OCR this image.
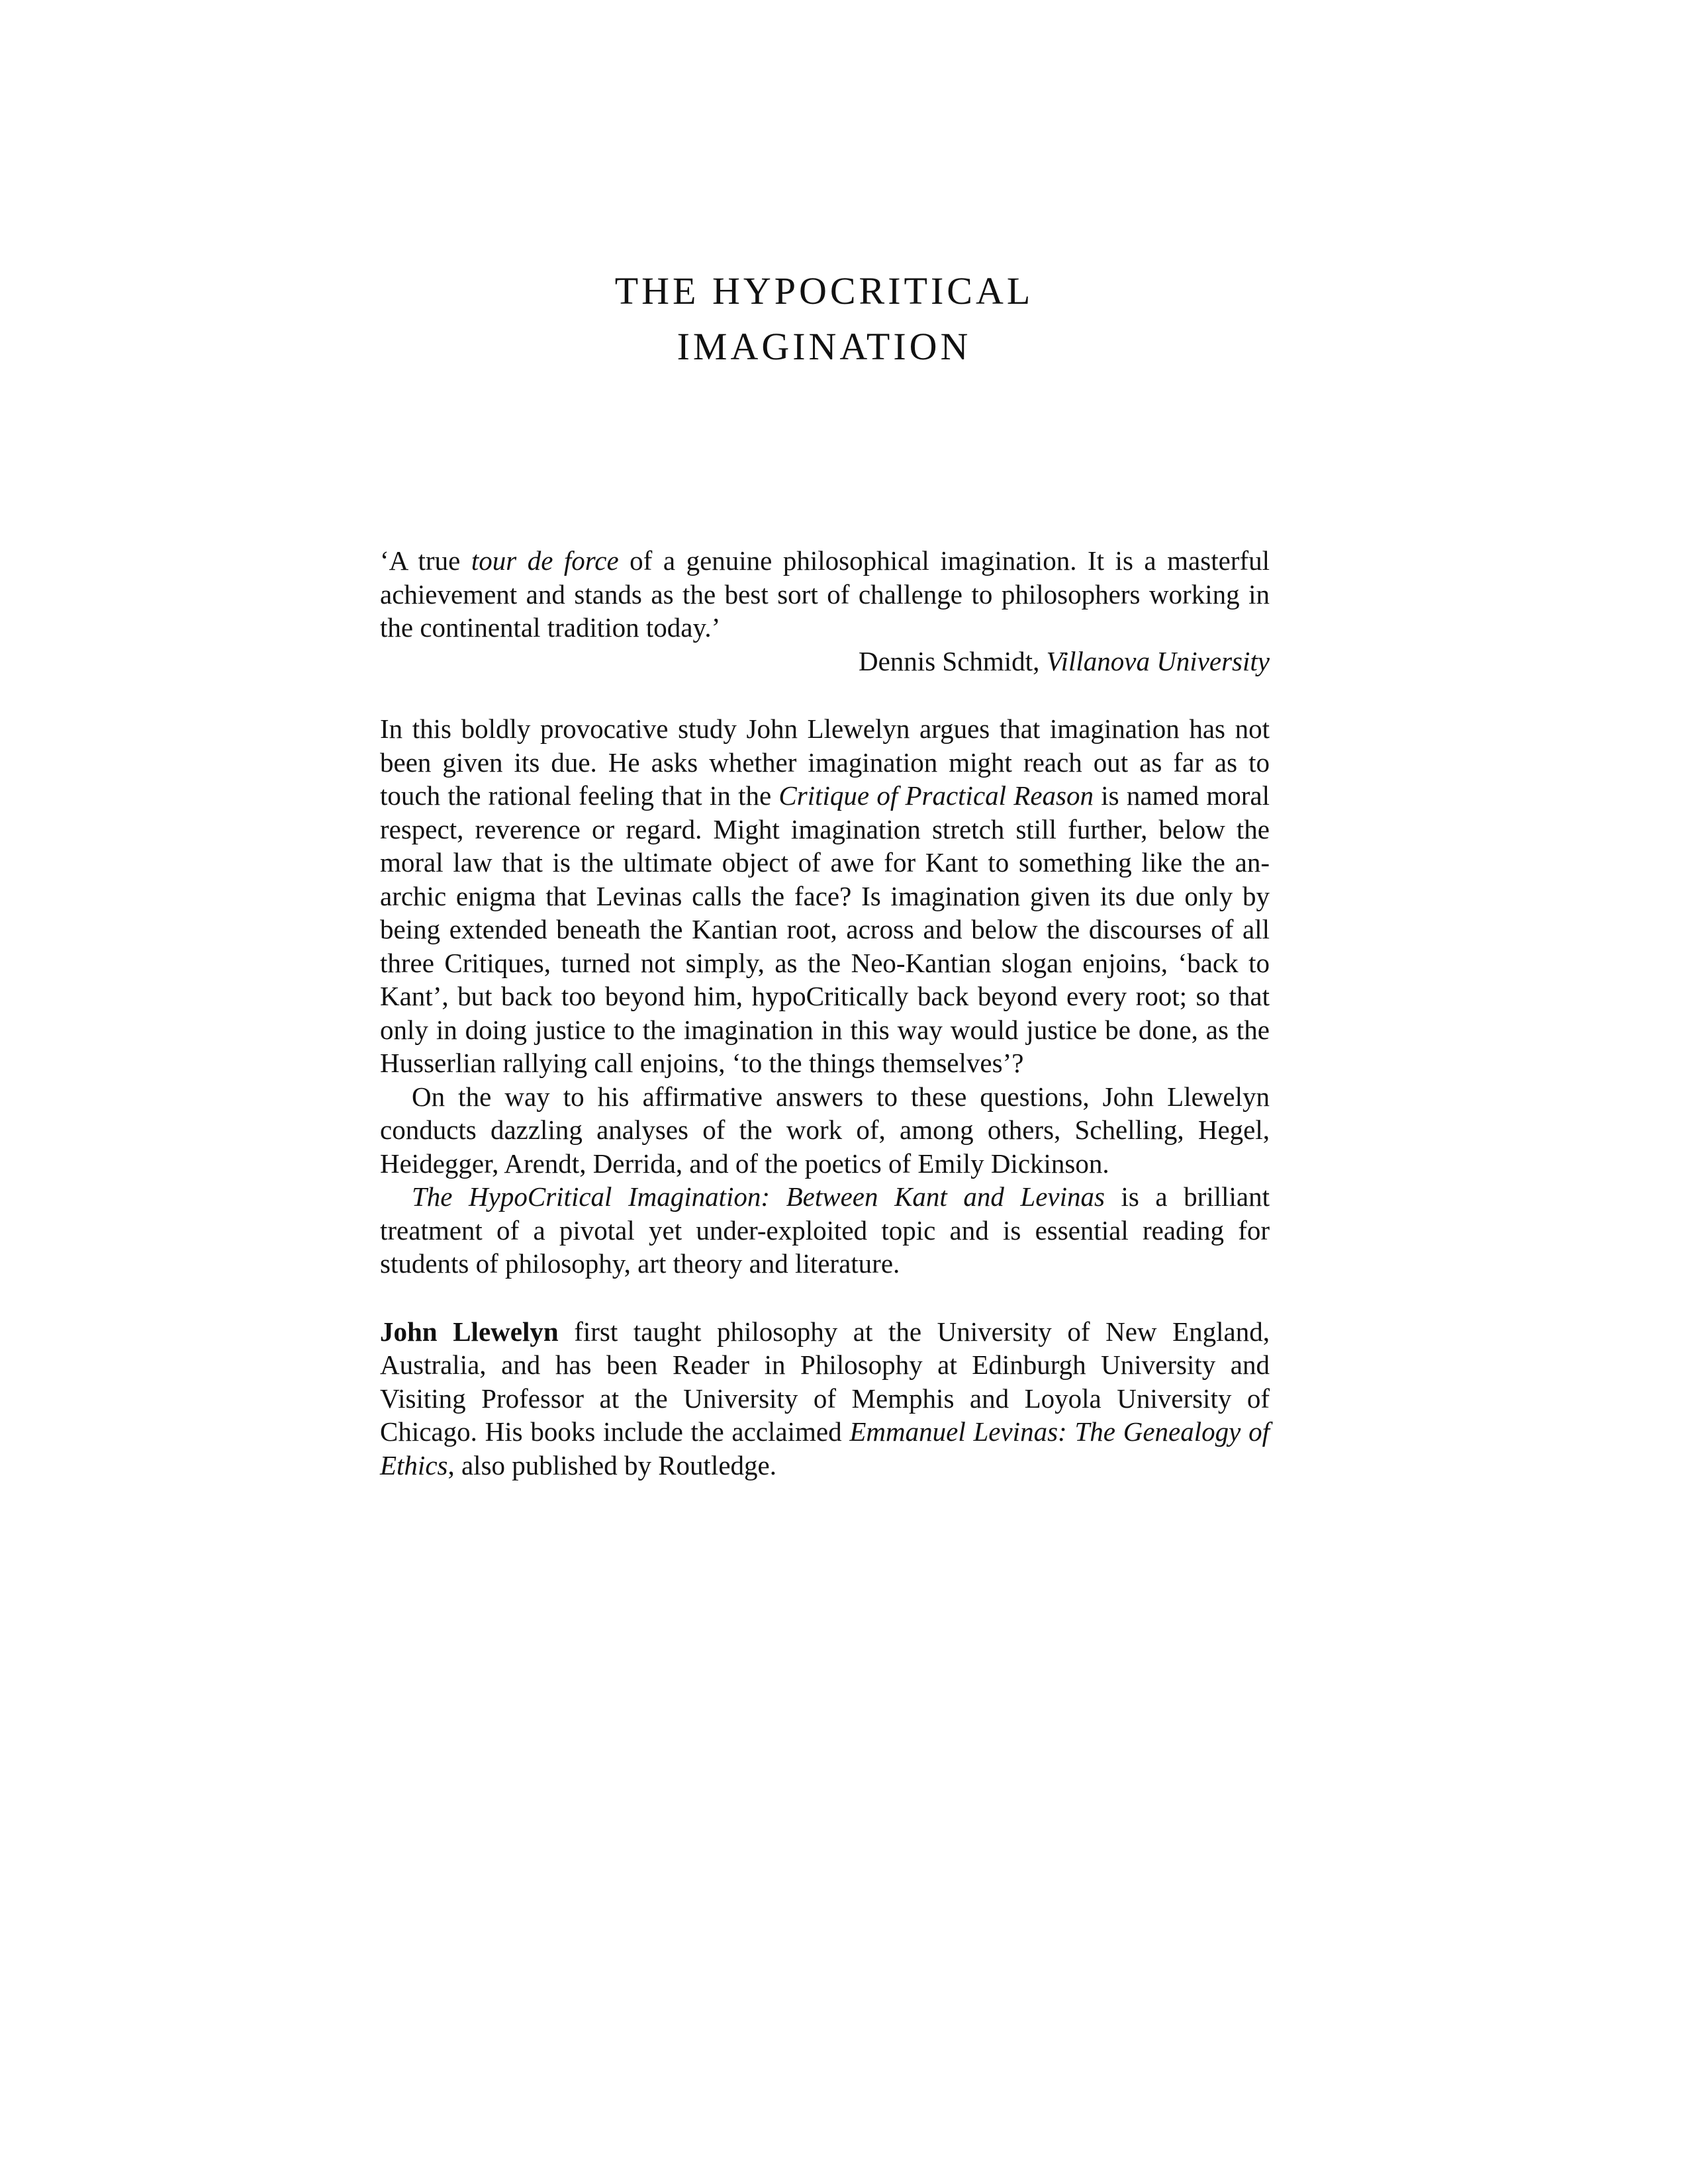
THE HYPOCRITICAL
IMAGINATION

‘A true tour de force of a genuine philosophical imagination. It is a masterful achievement and stands as the best sort of challenge to philosophers working in the continental tradition today.’

Dennis Schmidt, Villanova University

In this boldly provocative study John Llewelyn argues that imagination has not been given its due. He asks whether imagination might reach out as far as to touch the rational feeling that in the Critique of Practical Reason is named moral respect, reverence or regard. Might imagination stretch still further, below the moral law that is the ultimate object of awe for Kant to something like the an-archic enigma that Levinas calls the face? Is imagination given its due only by being extended beneath the Kantian root, across and below the discourses of all three Critiques, turned not simply, as the Neo-Kantian slogan enjoins, ‘back to Kant’, but back too beyond him, hypoCritically back beyond every root; so that only in doing justice to the imagination in this way would justice be done, as the Husserlian rallying call enjoins, ‘to the things themselves’?

On the way to his affirmative answers to these questions, John Llewelyn conducts dazzling analyses of the work of, among others, Schelling, Hegel, Heidegger, Arendt, Derrida, and of the poetics of Emily Dickinson.

The HypoCritical Imagination: Between Kant and Levinas is a brilliant treatment of a pivotal yet under-exploited topic and is essential reading for students of philosophy, art theory and literature.

John Llewelyn first taught philosophy at the University of New England, Australia, and has been Reader in Philosophy at Edinburgh University and Visiting Professor at the University of Memphis and Loyola University of Chicago. His books include the acclaimed Emmanuel Levinas: The Genealogy of Ethics, also published by Routledge.
